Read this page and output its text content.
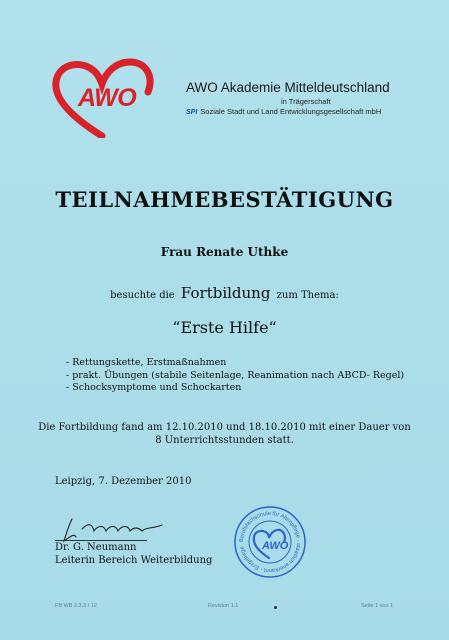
AWO	AWO Akademie Mitteldeutschland
in Trägerschaft
SPI Soziale Stadt und Land Entwicklungsgesellschaft mbH
TEILNAHMEBESTÄTIGUNG
Frau Renate Uthke
besuchte die Fortbildung zum Thema:
“Erste Hilfe“
- Rettungskette, Erstmaßnahmen
- prakt. Übungen (stabile Seitenlage, Reanimation nach ABCD- Regel)
- Schocksymptome und Schockarten
Die Fortbildung fand am 12.10.2010 und 18.10.2010 mit einer Dauer von
8 Unterrichtsstunden statt.
Leipzig, 7. Dezember 2010
Dr. G. Neumann
Leiterin Bereich Weiterbildung
Berufsfachschule für Altenpflege · staatlich anerkannt · Erzgebirge	AWO
FB WB 2.3.3 / 12	Revision 1.1	Seite 1 von 1
